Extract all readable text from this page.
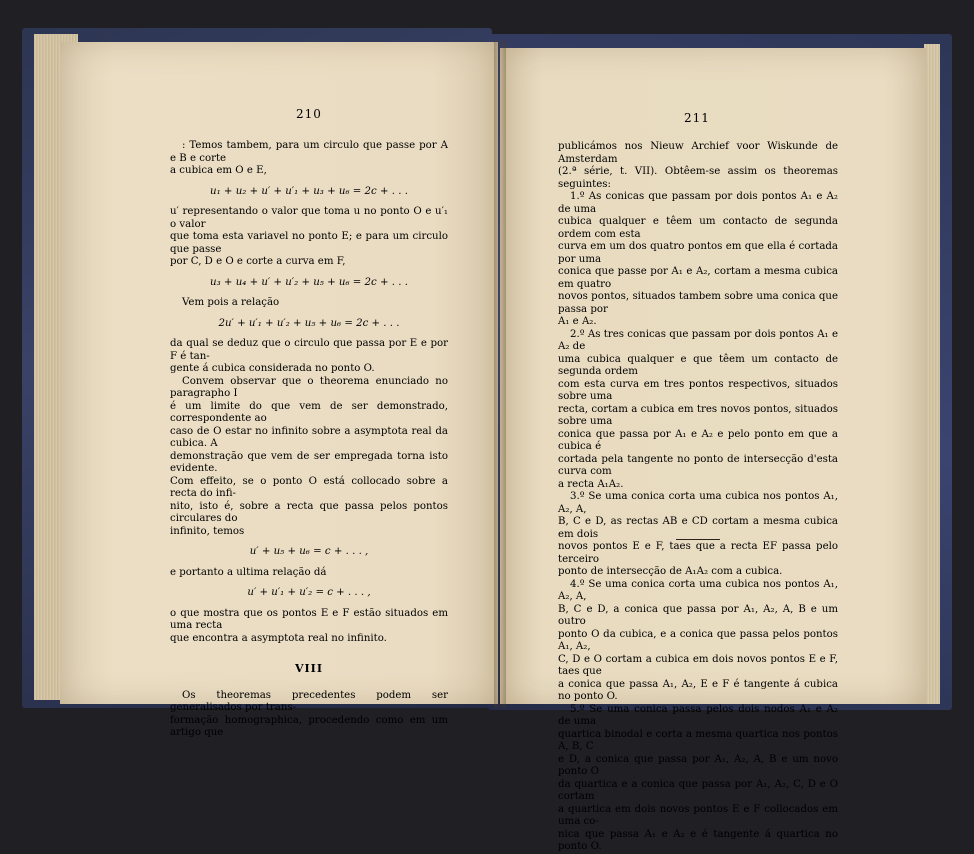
210	211

: Temos tambem, para um circulo que passe por A e B e corte

a cubica em O e E,

u₁ + u₂ + u′ + u′₁ + u₃ + u₆ = 2c + . . .

u′ representando o valor que toma u no ponto O e u′₁ o valor

que toma esta variavel no ponto E; e para um circulo que passe

por C, D e O e corte a curva em F,

u₃ + u₄ + u′ + u′₂ + u₅ + u₆ = 2c + . . .

Vem pois a relação

2u′ + u′₁ + u′₂ + u₅ + u₆ = 2c + . . .

da qual se deduz que o circulo que passa por E e por F é tan-

gente á cubica considerada no ponto O.

Convem observar que o theorema enunciado no paragrapho I

é um limite do que vem de ser demonstrado, correspondente ao

caso de O estar no infinito sobre a asymptota real da cubica. A

demonstração que vem de ser empregada torna isto evidente.

Com effeito, se o ponto O está collocado sobre a recta do infi-

nito, isto é, sobre a recta que passa pelos pontos circulares do

infinito, temos

u′ + u₅ + u₆ = c + . . . ,

e portanto a ultima relação dá

u′ + u′₁ + u′₂ = c + . . . ,

o que mostra que os pontos E e F estão situados em uma recta

que encontra a asymptota real no infinito.

VIII

Os theoremas precedentes podem ser generalisados por trans-

formação homographica, procedendo como em um artigo que

publicámos nos Nieuw Archief voor Wiskunde de Amsterdam

(2.ª série, t. VII). Obtêem-se assim os theoremas seguintes:

1.º As conicas que passam por dois pontos A₁ e A₂ de uma

cubica qualquer e têem um contacto de segunda ordem com esta

curva em um dos quatro pontos em que ella é cortada por uma

conica que passe por A₁ e A₂, cortam a mesma cubica em quatro

novos pontos, situados tambem sobre uma conica que passa por

A₁ e A₂.

2.º As tres conicas que passam por dois pontos A₁ e A₂ de

uma cubica qualquer e que têem um contacto de segunda ordem

com esta curva em tres pontos respectivos, situados sobre uma

recta, cortam a cubica em tres novos pontos, situados sobre uma

conica que passa por A₁ e A₂ e pelo ponto em que a cubica é

cortada pela tangente no ponto de intersecção d'esta curva com

a recta A₁A₂.

3.º Se uma conica corta uma cubica nos pontos A₁, A₂, A,

B, C e D, as rectas AB e CD cortam a mesma cubica em dois

novos pontos E e F, taes que a recta EF passa pelo terceiro

ponto de intersecção de A₁A₂ com a cubica.

4.º Se uma conica corta uma cubica nos pontos A₁, A₂, A,

B, C e D, a conica que passa por A₁, A₂, A, B e um outro

ponto O da cubica, e a conica que passa pelos pontos A₁, A₂,

C, D e O cortam a cubica em dois novos pontos E e F, taes que

a conica que passa A₁, A₂, E e F é tangente á cubica no ponto O.

5.º Se uma conica passa pelos dois nodos A₁ e A₂ de uma

quartica binodal e corta a mesma quartica nos pontos A, B, C

e D, a conica que passa por A₁, A₂, A, B e um novo ponto O

da quartica e a conica que passa por A₁, A₂, C, D e O cortam

a quartica em dois novos pontos E e F collocados em uma co-

nica que passa A₁ e A₂ e é tangente á quartica no ponto O.
